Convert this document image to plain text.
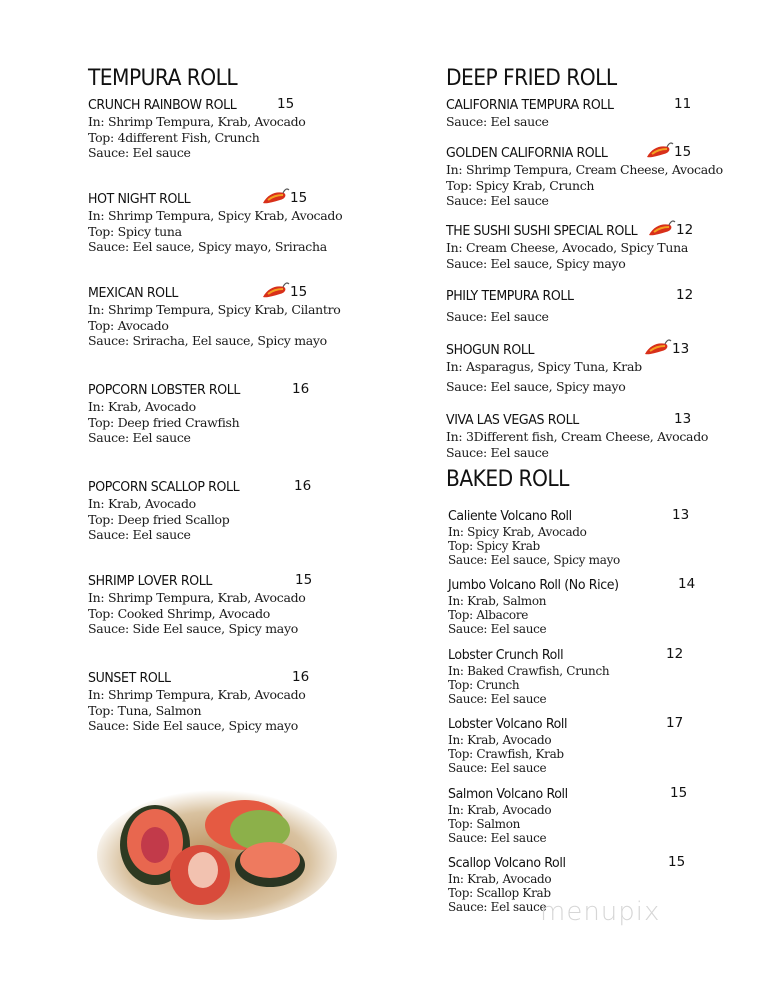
TEMPURA ROLL	DEEP FRIED ROLL
BAKED ROLL
CRUNCH RAINBOW ROLL	15
In: Shrimp Tempura, Krab, Avocado
Top: 4different Fish, Crunch
Sauce: Eel sauce
HOT NIGHT ROLL	15
In: Shrimp Tempura, Spicy Krab, Avocado
Top: Spicy tuna
Sauce: Eel sauce, Spicy mayo, Sriracha
MEXICAN ROLL	15
In: Shrimp Tempura, Spicy Krab, Cilantro
Top: Avocado
Sauce: Sriracha, Eel sauce, Spicy mayo
POPCORN LOBSTER ROLL	16
In: Krab, Avocado
Top: Deep fried Crawfish
Sauce: Eel sauce
POPCORN SCALLOP ROLL	16
In: Krab, Avocado
Top: Deep fried Scallop
Sauce: Eel sauce
SHRIMP LOVER ROLL	15
In: Shrimp Tempura, Krab, Avocado
Top: Cooked Shrimp, Avocado
Sauce: Side Eel sauce, Spicy mayo
SUNSET ROLL	16
In: Shrimp Tempura, Krab, Avocado
Top: Tuna, Salmon
Sauce: Side Eel sauce, Spicy mayo
CALIFORNIA TEMPURA ROLL	11
Sauce: Eel sauce
GOLDEN CALIFORNIA ROLL	15
In: Shrimp Tempura, Cream Cheese, Avocado
Top: Spicy Krab, Crunch
Sauce: Eel sauce
THE SUSHI SUSHI SPECIAL ROLL	12
In: Cream Cheese, Avocado, Spicy Tuna
Sauce: Eel sauce, Spicy mayo
PHILY TEMPURA ROLL	12
Sauce: Eel sauce
SHOGUN ROLL	13
In: Asparagus, Spicy Tuna, Krab
Sauce: Eel sauce, Spicy mayo
VIVA LAS VEGAS ROLL	13
In: 3Different fish, Cream Cheese, Avocado
Sauce: Eel sauce
Caliente Volcano Roll	13
In: Spicy Krab, Avocado
Top: Spicy Krab
Sauce: Eel sauce, Spicy mayo
Jumbo Volcano Roll (No Rice)	14
In: Krab, Salmon
Top: Albacore
Sauce: Eel sauce
Lobster Crunch Roll	12
In: Baked Crawfish, Crunch
Top: Crunch
Sauce: Eel sauce
Lobster Volcano Roll	17
In: Krab, Avocado
Top: Crawfish, Krab
Sauce: Eel sauce
Salmon Volcano Roll	15
In: Krab, Avocado
Top: Salmon
Sauce: Eel sauce
Scallop Volcano Roll	15
In: Krab, Avocado
Top: Scallop Krab
Sauce: Eel sauce
menupix
